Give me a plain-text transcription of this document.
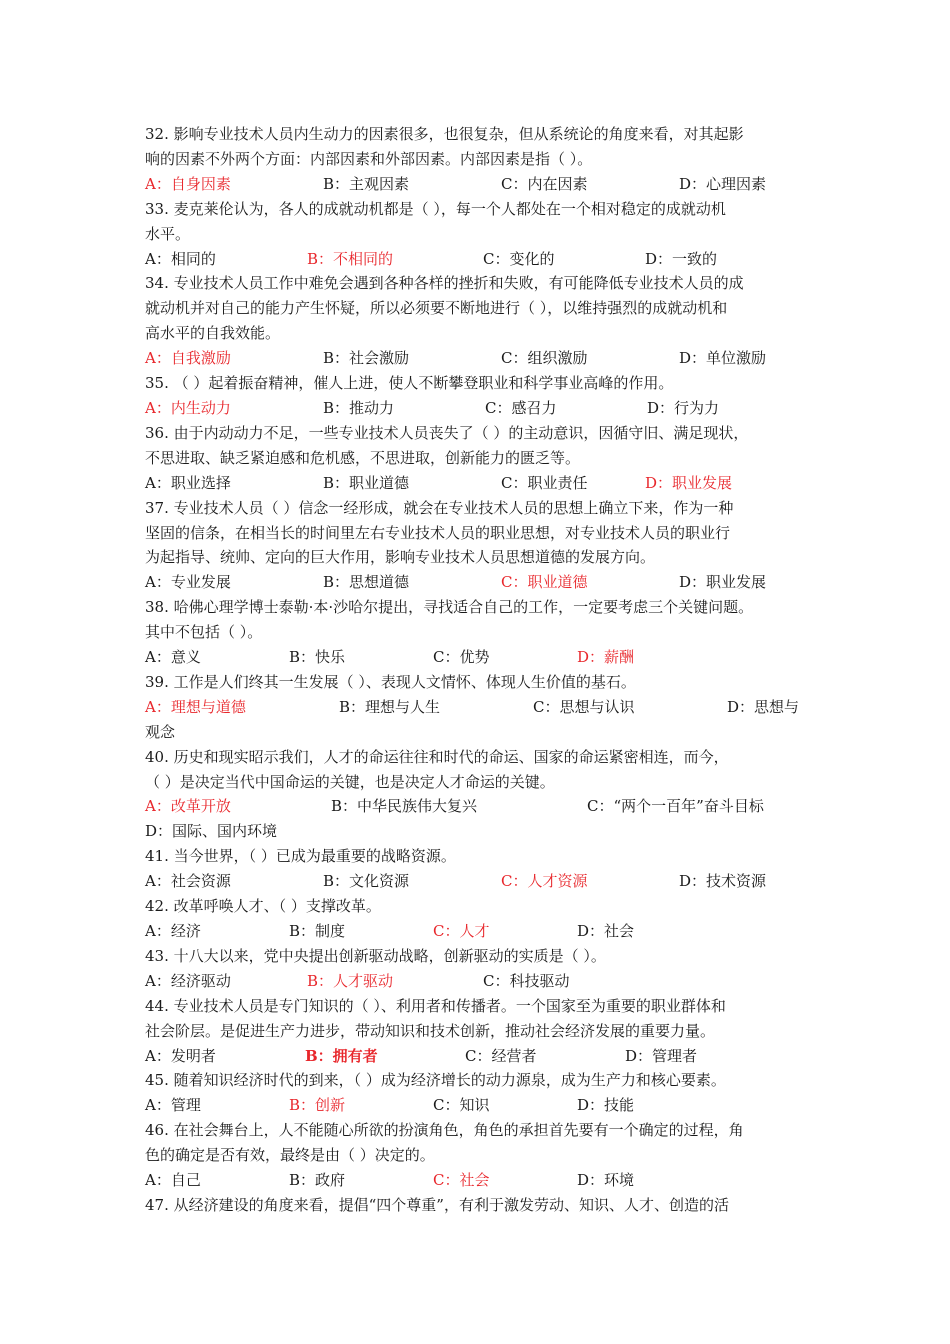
32. 影响专业技术人员内生动力的因素很多，也很复杂，但从系统论的角度来看，对其起影
响的因素不外两个方面：内部因素和外部因素。内部因素是指（ ）。
A：自身因素	B：主观因素	C：内在因素	D：心理因素
33. 麦克莱伦认为，各人的成就动机都是（ ），每一个人都处在一个相对稳定的成就动机
水平。
A：相同的	B：不相同的	C：变化的	D：一致的
34. 专业技术人员工作中难免会遇到各种各样的挫折和失败，有可能降低专业技术人员的成
就动机并对自己的能力产生怀疑，所以必须要不断地进行（ ），以维持强烈的成就动机和
高水平的自我效能。
A：自我激励	B：社会激励	C：组织激励	D：单位激励
35. （ ）起着振奋精神，催人上进，使人不断攀登职业和科学事业高峰的作用。
A：内生动力	B：推动力	C：感召力	D：行为力
36. 由于内动动力不足，一些专业技术人员丧失了（ ）的主动意识，因循守旧、满足现状，
不思进取、缺乏紧迫感和危机感，不思进取，创新能力的匮乏等。
A：职业选择	B：职业道德	C：职业责任	D：职业发展
37. 专业技术人员（ ）信念一经形成，就会在专业技术人员的思想上确立下来，作为一种
坚固的信条，在相当长的时间里左右专业技术人员的职业思想，对专业技术人员的职业行
为起指导、统帅、定向的巨大作用，影响专业技术人员思想道德的发展方向。
A：专业发展	B：思想道德	C：职业道德	D：职业发展
38. 哈佛心理学博士泰勒·本·沙哈尔提出，寻找适合自己的工作，一定要考虑三个关键问题。
其中不包括（ ）。
A：意义	B：快乐	C：优势	D：薪酬
39. 工作是人们终其一生发展（ ）、表现人文情怀、体现人生价值的基石。
A：理想与道德	B：理想与人生	C：思想与认识	D：思想与
观念
40. 历史和现实昭示我们，人才的命运往往和时代的命运、国家的命运紧密相连，而今，
（ ）是决定当代中国命运的关键，也是决定人才命运的关键。
A：改革开放	B：中华民族伟大复兴	C：“两个一百年”奋斗目标
D：国际、国内环境
41. 当今世界，（ ）已成为最重要的战略资源。
A：社会资源	B：文化资源	C：人才资源	D：技术资源
42. 改革呼唤人才、（ ）支撑改革。
A：经济	B：制度	C：人才	D：社会
43. 十八大以来，党中央提出创新驱动战略，创新驱动的实质是（ ）。
A：经济驱动	B：人才驱动	C：科技驱动
44. 专业技术人员是专门知识的（ ）、利用者和传播者。一个国家至为重要的职业群体和
社会阶层。是促进生产力进步，带动知识和技术创新，推动社会经济发展的重要力量。
A：发明者	B：拥有者	C：经营者	D：管理者
45. 随着知识经济时代的到来，（ ）成为经济增长的动力源泉，成为生产力和核心要素。
A：管理	B：创新	C：知识	D：技能
46. 在社会舞台上，人不能随心所欲的扮演角色，角色的承担首先要有一个确定的过程，角
色的确定是否有效，最终是由（ ）决定的。
A：自己	B：政府	C：社会	D：环境
47. 从经济建设的角度来看，提倡“四个尊重”，有利于激发劳动、知识、人才、创造的活
